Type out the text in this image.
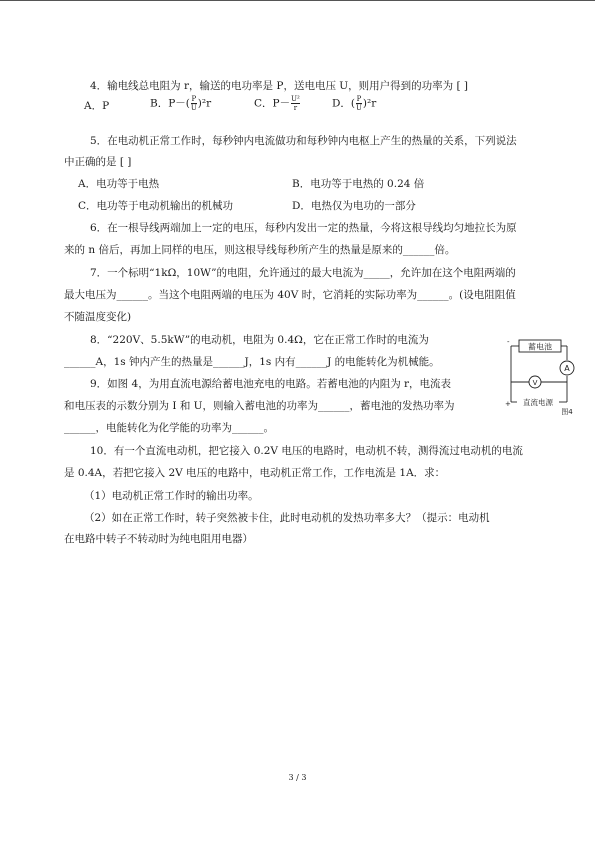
4．输电线总电阻为 r，输送的电功率是 P，送电电压 U，则用户得到的功率为 [ ]
A．P	B．$P-( \frac{P}{U} )^2r$	C．$P- \frac{\text{U²}}{r}$	D．( $\frac{P}{U} )^2r$
5．在电动机正常工作时，每秒钟内电流做功和每秒钟内电枢上产生的热量的关系，下列说法
中正确的是 [ ]
A．电功等于电热	B．电功等于电热的 0.24 倍
C．电功等于电动机输出的机械功	D．电热仅为电功的一部分
6．在一根导线两端加上一定的电压，每秒内发出一定的热量，今将这根导线均匀地拉长为原
来的 n 倍后，再加上同样的电压，则这根导线每秒所产生的热量是原来的______倍。
7．一个标明“1kΩ，10W”的电阻，允许通过的最大电流为_____，允许加在这个电阻两端的
最大电压为______。当这个电阻两端的电压为 40V 时，它消耗的实际功率为______。(设电阻阻值
不随温度变化)
8．“220V、5.5kW”的电动机，电阻为 0.4Ω，它在正常工作时的电流为
______A，1s 钟内产生的热量是______J，1s 内有______J 的电能转化为机械能。
9．如图 4，为用直流电源给蓄电池充电的电路。若蓄电池的内阻为 r，电流表
和电压表的示数分别为 I 和 U，则输入蓄电池的功率为______，蓄电池的发热功率为
______，电能转化为化学能的功率为______。
蓄电池
A
V
直流电源
图4
+
-
10．有一个直流电动机，把它接入 0.2V 电压的电路时，电动机不转，测得流过电动机的电流
是 0.4A，若把它接入 2V 电压的电路中，电动机正常工作，工作电流是 1A．求：
（1）电动机正常工作时的输出功率。
（2）如在正常工作时，转子突然被卡住，此时电动机的发热功率多大？（提示：电动机
在电路中转子不转动时为纯电阻用电器）
3 / 3
